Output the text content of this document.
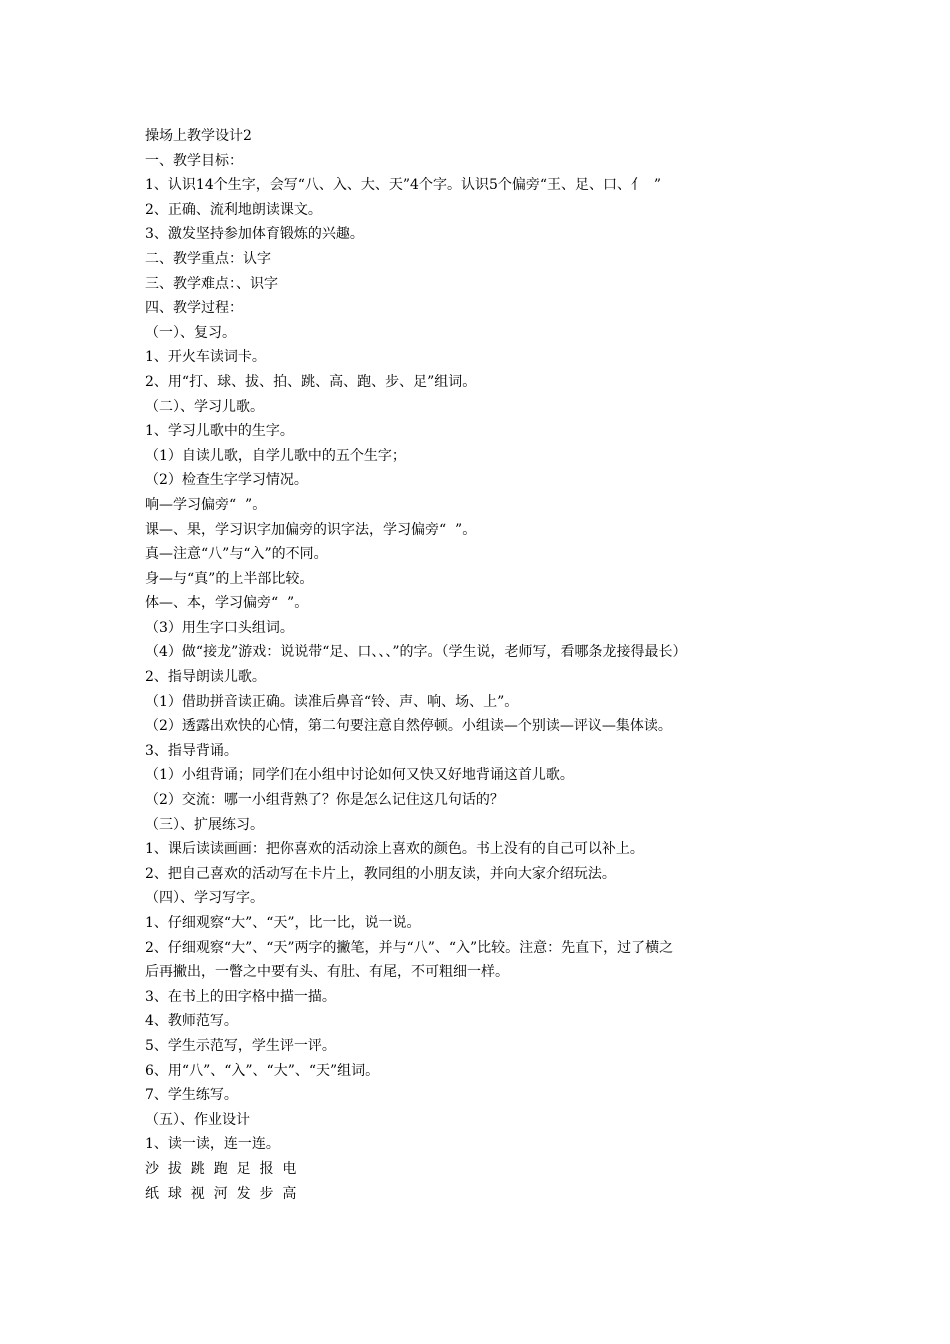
操场上教学设计2
一、教学目标：
1、认识14个生字，会写“八、入、大、天”4个字。认识5个偏旁“王、足、口、亻  ”
2、正确、流利地朗读课文。
3、激发坚持参加体育锻炼的兴趣。
二、教学重点：认字
三、教学难点：、识字
四、教学过程：
（一）、复习。
1、开火车读词卡。
2、用“打、球、拔、拍、跳、高、跑、步、足”组词。
（二）、学习儿歌。
1、学习儿歌中的生字。
（1）自读儿歌，自学儿歌中的五个生字；
（2）检查生字学习情况。
响—学习偏旁“  ”。
课—、果，学习识字加偏旁的识字法，学习偏旁“  ”。
真—注意“八”与“入”的不同。
身—与“真”的上半部比较。
体—、本，学习偏旁“  ”。
（3）用生字口头组词。
（4）做“接龙”游戏：说说带“足、口、、、”的字。（学生说，老师写，看哪条龙接得最长）
2、指导朗读儿歌。
（1）借助拼音读正确。读准后鼻音“铃、声、响、场、上”。
（2）透露出欢快的心情，第二句要注意自然停顿。小组读—个别读—评议—集体读。
3、指导背诵。
（1）小组背诵；同学们在小组中讨论如何又快又好地背诵这首儿歌。
（2）交流：哪一小组背熟了？你是怎么记住这几句话的？
（三）、扩展练习。
1、课后读读画画：把你喜欢的活动涂上喜欢的颜色。书上没有的自己可以补上。
2、把自己喜欢的活动写在卡片上，教同组的小朋友读，并向大家介绍玩法。
（四）、学习写字。
1、仔细观察“大”、“天”，比一比，说一说。
2、仔细观察“大”、“天”两字的撇笔，并与“八”、“入”比较。注意：先直下，过了横之
后再撇出，一瞥之中要有头、有肚、有尾，不可粗细一样。
3、在书上的田字格中描一描。
4、教师范写。
5、学生示范写，学生评一评。
6、用“八”、“入”、“大”、“天”组词。
7、学生练写。
（五）、作业设计
1、读一读，连一连。
沙  拔  跳  跑  足  报  电
纸  球  视  河  发  步  高
